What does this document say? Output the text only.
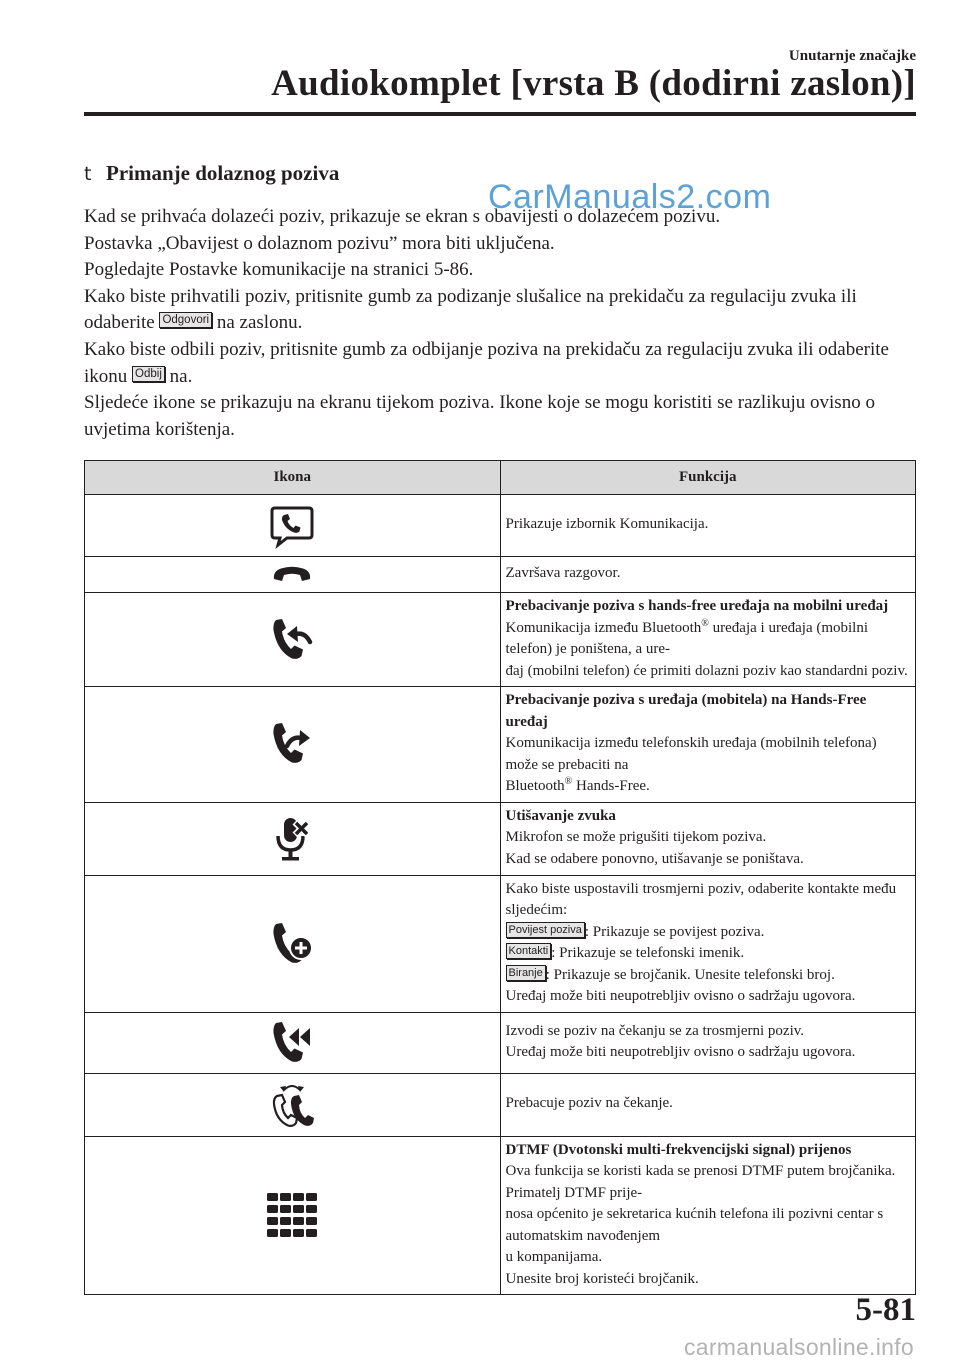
Unutarnje značajke
Audiokomplet [vrsta B (dodirni zaslon)]
CarManuals2.com
t Primanje dolaznog poziva

Kad se prihvaća dolazeći poziv, prikazuje se ekran s obavijesti o dolazećem pozivu.

Postavka „Obavijest o dolaznom pozivu” mora biti uključena.

Pogledajte Postavke komunikacije na stranici 5-86.

Kako biste prihvatili poziv, pritisnite gumb za podizanje slušalice na prekidaču za regulaciju zvuka ili odaberite Odgovori na zaslonu.

Kako biste odbili poziv, pritisnite gumb za odbijanje poziva na prekidaču za regulaciju zvuka ili odaberite ikonu Odbij na.

Sljedeće ikone se prikazuju na ekranu tijekom poziva. Ikone koje se mogu koristiti se razlikuju ovisno o uvjetima korištenja.

Ikona	Funkcija

	Prikazuje izbornik Komunikacija.

	Završava razgovor.

Prebacivanje poziva s hands-free uređaja na mobilni uređaj
Komunikacija između Bluetooth® uređaja i uređaja (mobilni telefon) je poništena, a ure-
đaj (mobilni telefon) će primiti dolazni poziv kao standardni poziv.

Prebacivanje poziva s uređaja (mobitela) na Hands-Free uređaj
Komunikacija između telefonskih uređaja (mobilnih telefona) može se prebaciti na
Bluetooth® Hands-Free.

Utišavanje zvuka
Mikrofon se može prigušiti tijekom poziva.
Kad se odabere ponovno, utišavanje se poništava.

Kako biste uspostavili trosmjerni poziv, odaberite kontakte među sljedećim:
Povijest poziva : Prikazuje se povijest poziva.
Kontakti : Prikazuje se telefonski imenik.
Biranje : Prikazuje se brojčanik. Unesite telefonski broj.
Uređaj može biti neupotrebljiv ovisno o sadržaju ugovora.

Izvodi se poziv na čekanju se za trosmjerni poziv.
Uređaj može biti neupotrebljiv ovisno o sadržaju ugovora.

	Prebacuje poziv na čekanje.

DTMF (Dvotonski multi-frekvencijski signal) prijenos
Ova funkcija se koristi kada se prenosi DTMF putem brojčanika. Primatelj DTMF prije-
nosa općenito je sekretarica kućnih telefona ili pozivni centar s automatskim navođenjem
u kompanijama.
Unesite broj koristeći brojčanik.
5-81
carmanualsonline.info
